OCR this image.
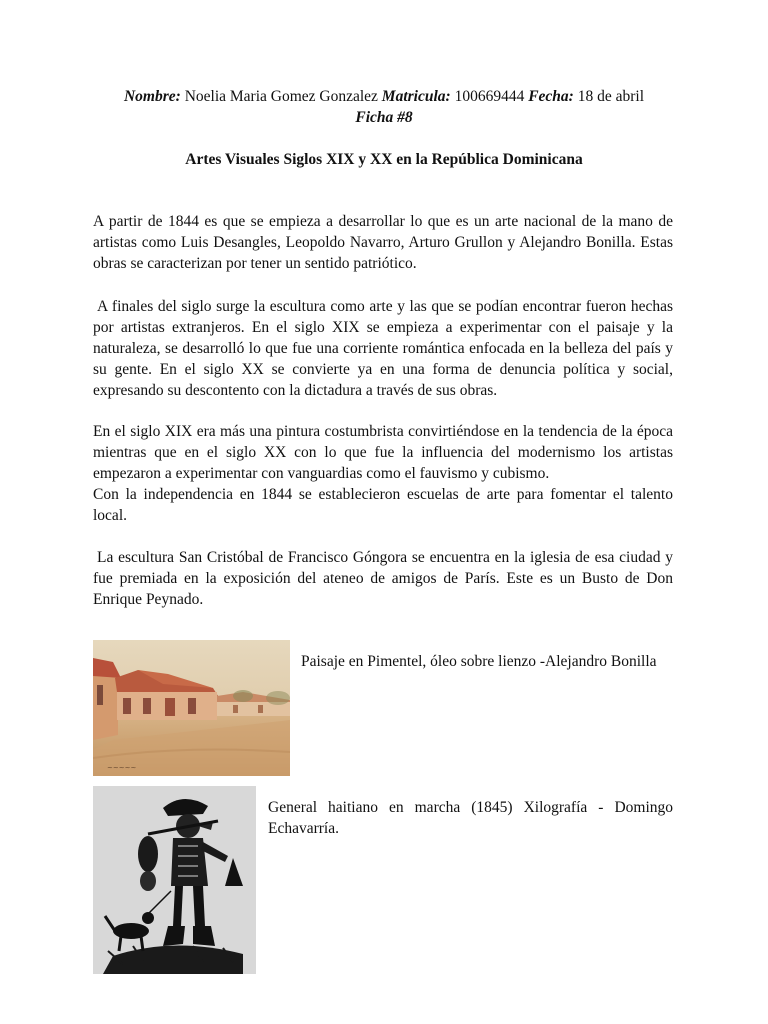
Nombre: Noelia Maria Gomez Gonzalez Matricula: 100669444 Fecha: 18 de abril
Ficha #8
Artes Visuales Siglos XIX y XX en la República Dominicana

A partir de 1844 es que se empieza a desarrollar lo que es un arte nacional de la mano de artistas como Luis Desangles, Leopoldo Navarro, Arturo Grullon y Alejandro Bonilla. Estas obras se caracterizan por tener un sentido patriótico.

A finales del siglo surge la escultura como arte y las que se podían encontrar fueron hechas por artistas extranjeros. En el siglo XIX se empieza a experimentar con el paisaje y la naturaleza, se desarrolló lo que fue una corriente romántica enfocada en la belleza del país y su gente. En el siglo XX se convierte ya en una forma de denuncia política y social, expresando su descontento con la dictadura a través de sus obras.

En el siglo XIX era más una pintura costumbrista convirtiéndose en la tendencia de la época mientras que en el siglo XX con lo que fue la influencia del modernismo los artistas empezaron a experimentar con vanguardias como el fauvismo y cubismo.

Con la independencia en 1844 se establecieron escuelas de arte para fomentar el talento local.

La escultura San Cristóbal de Francisco Góngora se encuentra en la iglesia de esa ciudad y fue premiada en la exposición del ateneo de amigos de París. Este es un Busto de Don Enrique Peynado.

~~~~~

Paisaje en Pimentel, óleo sobre lienzo -Alejandro Bonilla

General haitiano en marcha (1845) Xilografía - Domingo Echavarría.
